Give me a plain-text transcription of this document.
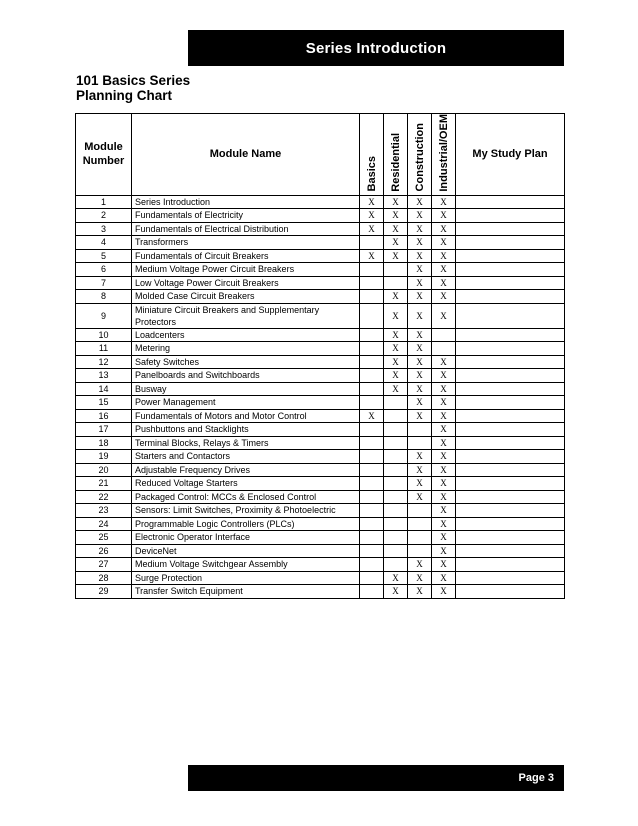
Series Introduction
101 Basics Series
Planning Chart
Module
Number	Module Name	Basics	Residential	Construction	Industrial/OEM	My Study Plan
1	Series Introduction	X	X	X	X	
2	Fundamentals of Electricity	X	X	X	X	
3	Fundamentals of Electrical Distribution	X	X	X	X	
4	Transformers		X	X	X	
5	Fundamentals of Circuit Breakers	X	X	X	X	
6	Medium Voltage Power Circuit Breakers			X	X	
7	Low Voltage Power Circuit Breakers			X	X	
8	Molded Case Circuit Breakers		X	X	X	
9	Miniature Circuit Breakers and Supplementary Protectors		X	X	X	
10	Loadcenters		X	X		
11	Metering		X	X		
12	Safety Switches		X	X	X	
13	Panelboards and Switchboards		X	X	X	
14	Busway		X	X	X	
15	Power Management			X	X	
16	Fundamentals of Motors and Motor Control	X		X	X	
17	Pushbuttons and Stacklights				X	
18	Terminal Blocks, Relays & Timers				X	
19	Starters and Contactors			X	X	
20	Adjustable Frequency Drives			X	X	
21	Reduced Voltage Starters			X	X	
22	Packaged Control: MCCs & Enclosed Control			X	X	
23	Sensors: Limit Switches, Proximity & Photoelectric				X	
24	Programmable Logic Controllers (PLCs)				X	
25	Electronic Operator Interface				X	
26	DeviceNet				X	
27	Medium Voltage Switchgear Assembly			X	X	
28	Surge Protection		X	X	X	
29	Transfer Switch Equipment		X	X	X	
Page 3
